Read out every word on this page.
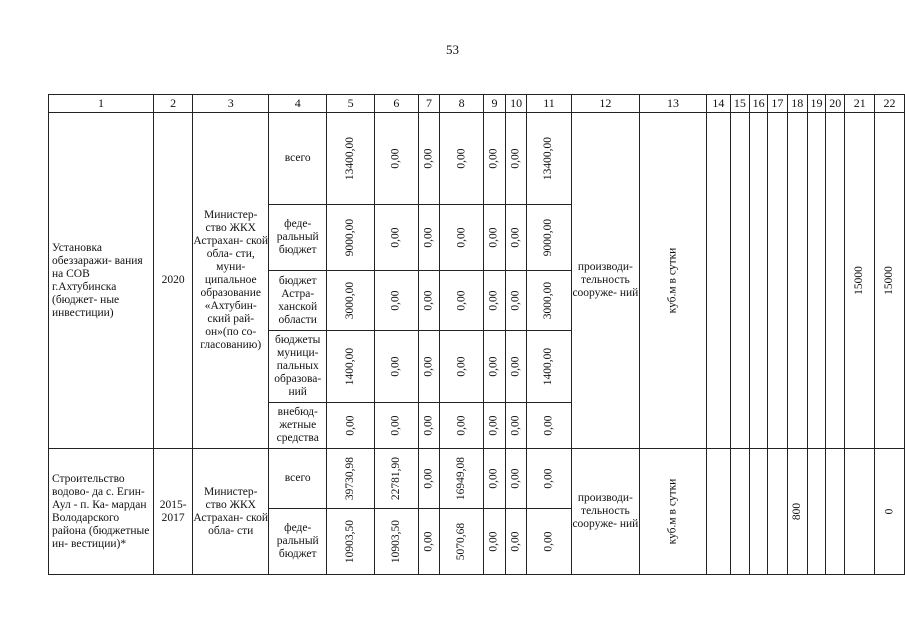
53
1	2	3	4	5	6	7	8	9	10	11	12	13	14	15	16	17	18	19	20	21	22
Установка обеззаражи- вания на СОВ г.Ахтубинска (бюджет- ные инвестиции)	2020	Министер- ство ЖКХ Астрахан- ской обла- сти, муни- ципальное образование «Ахтубин- ский рай- он»(по со- гласованию)	всего	13400,00	0,00	0,00	0,00	0,00	0,00	13400,00	производи- тельность сооруже- ний	куб.м в сутки								15000	15000
			феде- ральный бюджет	9000,00	0,00	0,00	0,00	0,00	0,00	9000,00											
			бюджет Астра- ханской области	3000,00	0,00	0,00	0,00	0,00	0,00	3000,00											
			бюджеты муници- пальных образова- ний	1400,00	0,00	0,00	0,00	0,00	0,00	1400,00											
			внебюд- жетные средства	0,00	0,00	0,00	0,00	0,00	0,00	0,00											
Строительство водово- да с. Егин- Аул - п. Ка- мардан Володарского района (бюджетные ин- вестиции)*	2015- 2017	Министер- ство ЖКХ Астрахан- ской обла- сти	всего	39730,98	22781,90	0,00	16949,08	0,00	0,00	0,00	производи- тельность сооруже- ний	куб.м в сутки					800				0
			феде- ральный бюджет	10903,50	10903,50	0,00	5070,68	0,00	0,00	0,00											
